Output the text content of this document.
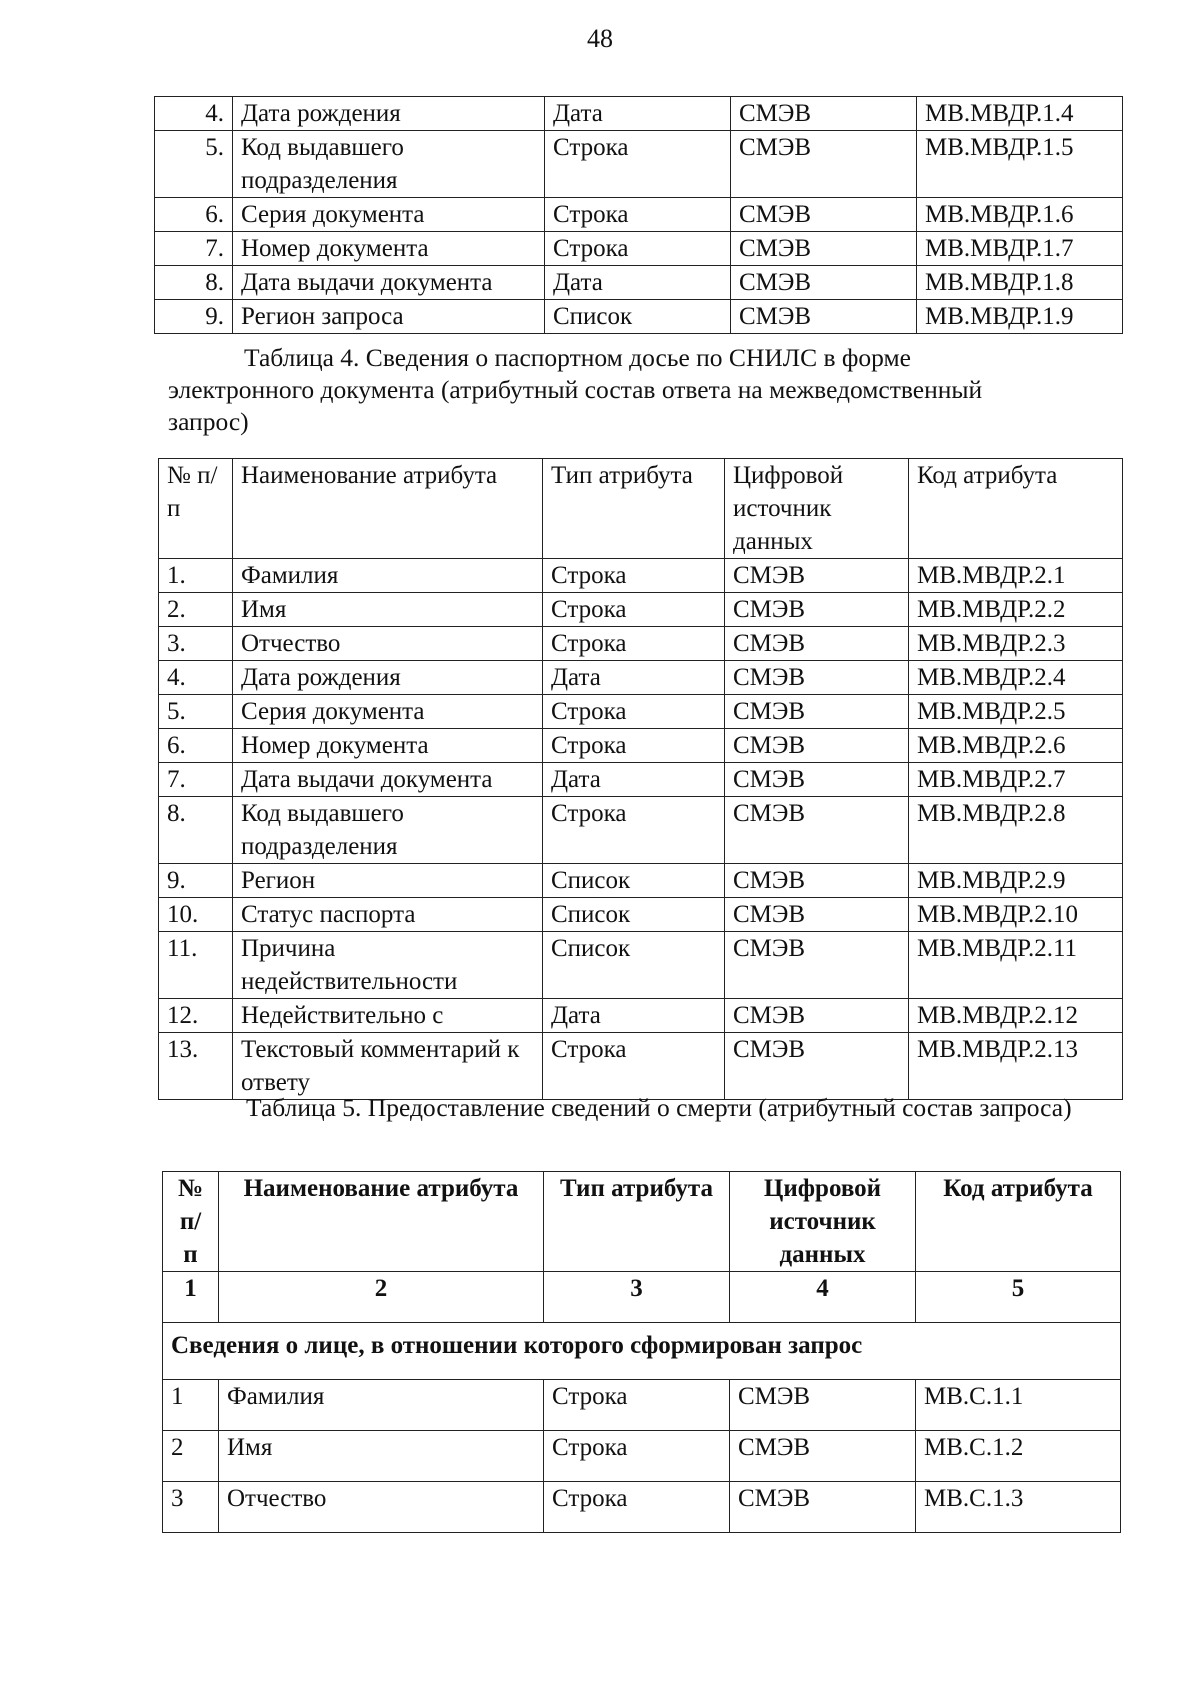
48
4.	Дата рождения	Дата	СМЭВ	МВ.МВДР.1.4
5.	Код выдавшего подразделения	Строка	СМЭВ	МВ.МВДР.1.5
6.	Серия документа	Строка	СМЭВ	МВ.МВДР.1.6
7.	Номер документа	Строка	СМЭВ	МВ.МВДР.1.7
8.	Дата выдачи документа	Дата	СМЭВ	МВ.МВДР.1.8
9.	Регион запроса	Список	СМЭВ	МВ.МВДР.1.9
Таблица 4. Сведения о паспортном досье по СНИЛС в форме
электронного документа (атрибутный состав ответа на межведомственный
запрос)
№ п/п	Наименование атрибута	Тип атрибута	Цифровой источник данных	Код атрибута
1.	Фамилия	Строка	СМЭВ	МВ.МВДР.2.1
2.	Имя	Строка	СМЭВ	МВ.МВДР.2.2
3.	Отчество	Строка	СМЭВ	МВ.МВДР.2.3
4.	Дата рождения	Дата	СМЭВ	МВ.МВДР.2.4
5.	Серия документа	Строка	СМЭВ	МВ.МВДР.2.5
6.	Номер документа	Строка	СМЭВ	МВ.МВДР.2.6
7.	Дата выдачи документа	Дата	СМЭВ	МВ.МВДР.2.7
8.	Код выдавшего подразделения	Строка	СМЭВ	МВ.МВДР.2.8
9.	Регион	Список	СМЭВ	МВ.МВДР.2.9
10.	Статус паспорта	Список	СМЭВ	МВ.МВДР.2.10
11.	Причина недействительности	Список	СМЭВ	МВ.МВДР.2.11
12.	Недействительно с	Дата	СМЭВ	МВ.МВДР.2.12
13.	Текстовый комментарий к ответу	Строка	СМЭВ	МВ.МВДР.2.13
Таблица 5. Предоставление сведений о смерти (атрибутный состав запроса)
№ п/ п	Наименование атрибута	Тип атрибута	Цифровой источник данных	Код атрибута
1	2	3	4	5
Сведения о лице, в отношении которого сформирован запрос				
1	Фамилия	Строка	СМЭВ	МВ.С.1.1
2	Имя	Строка	СМЭВ	МВ.С.1.2
3	Отчество	Строка	СМЭВ	МВ.С.1.3
